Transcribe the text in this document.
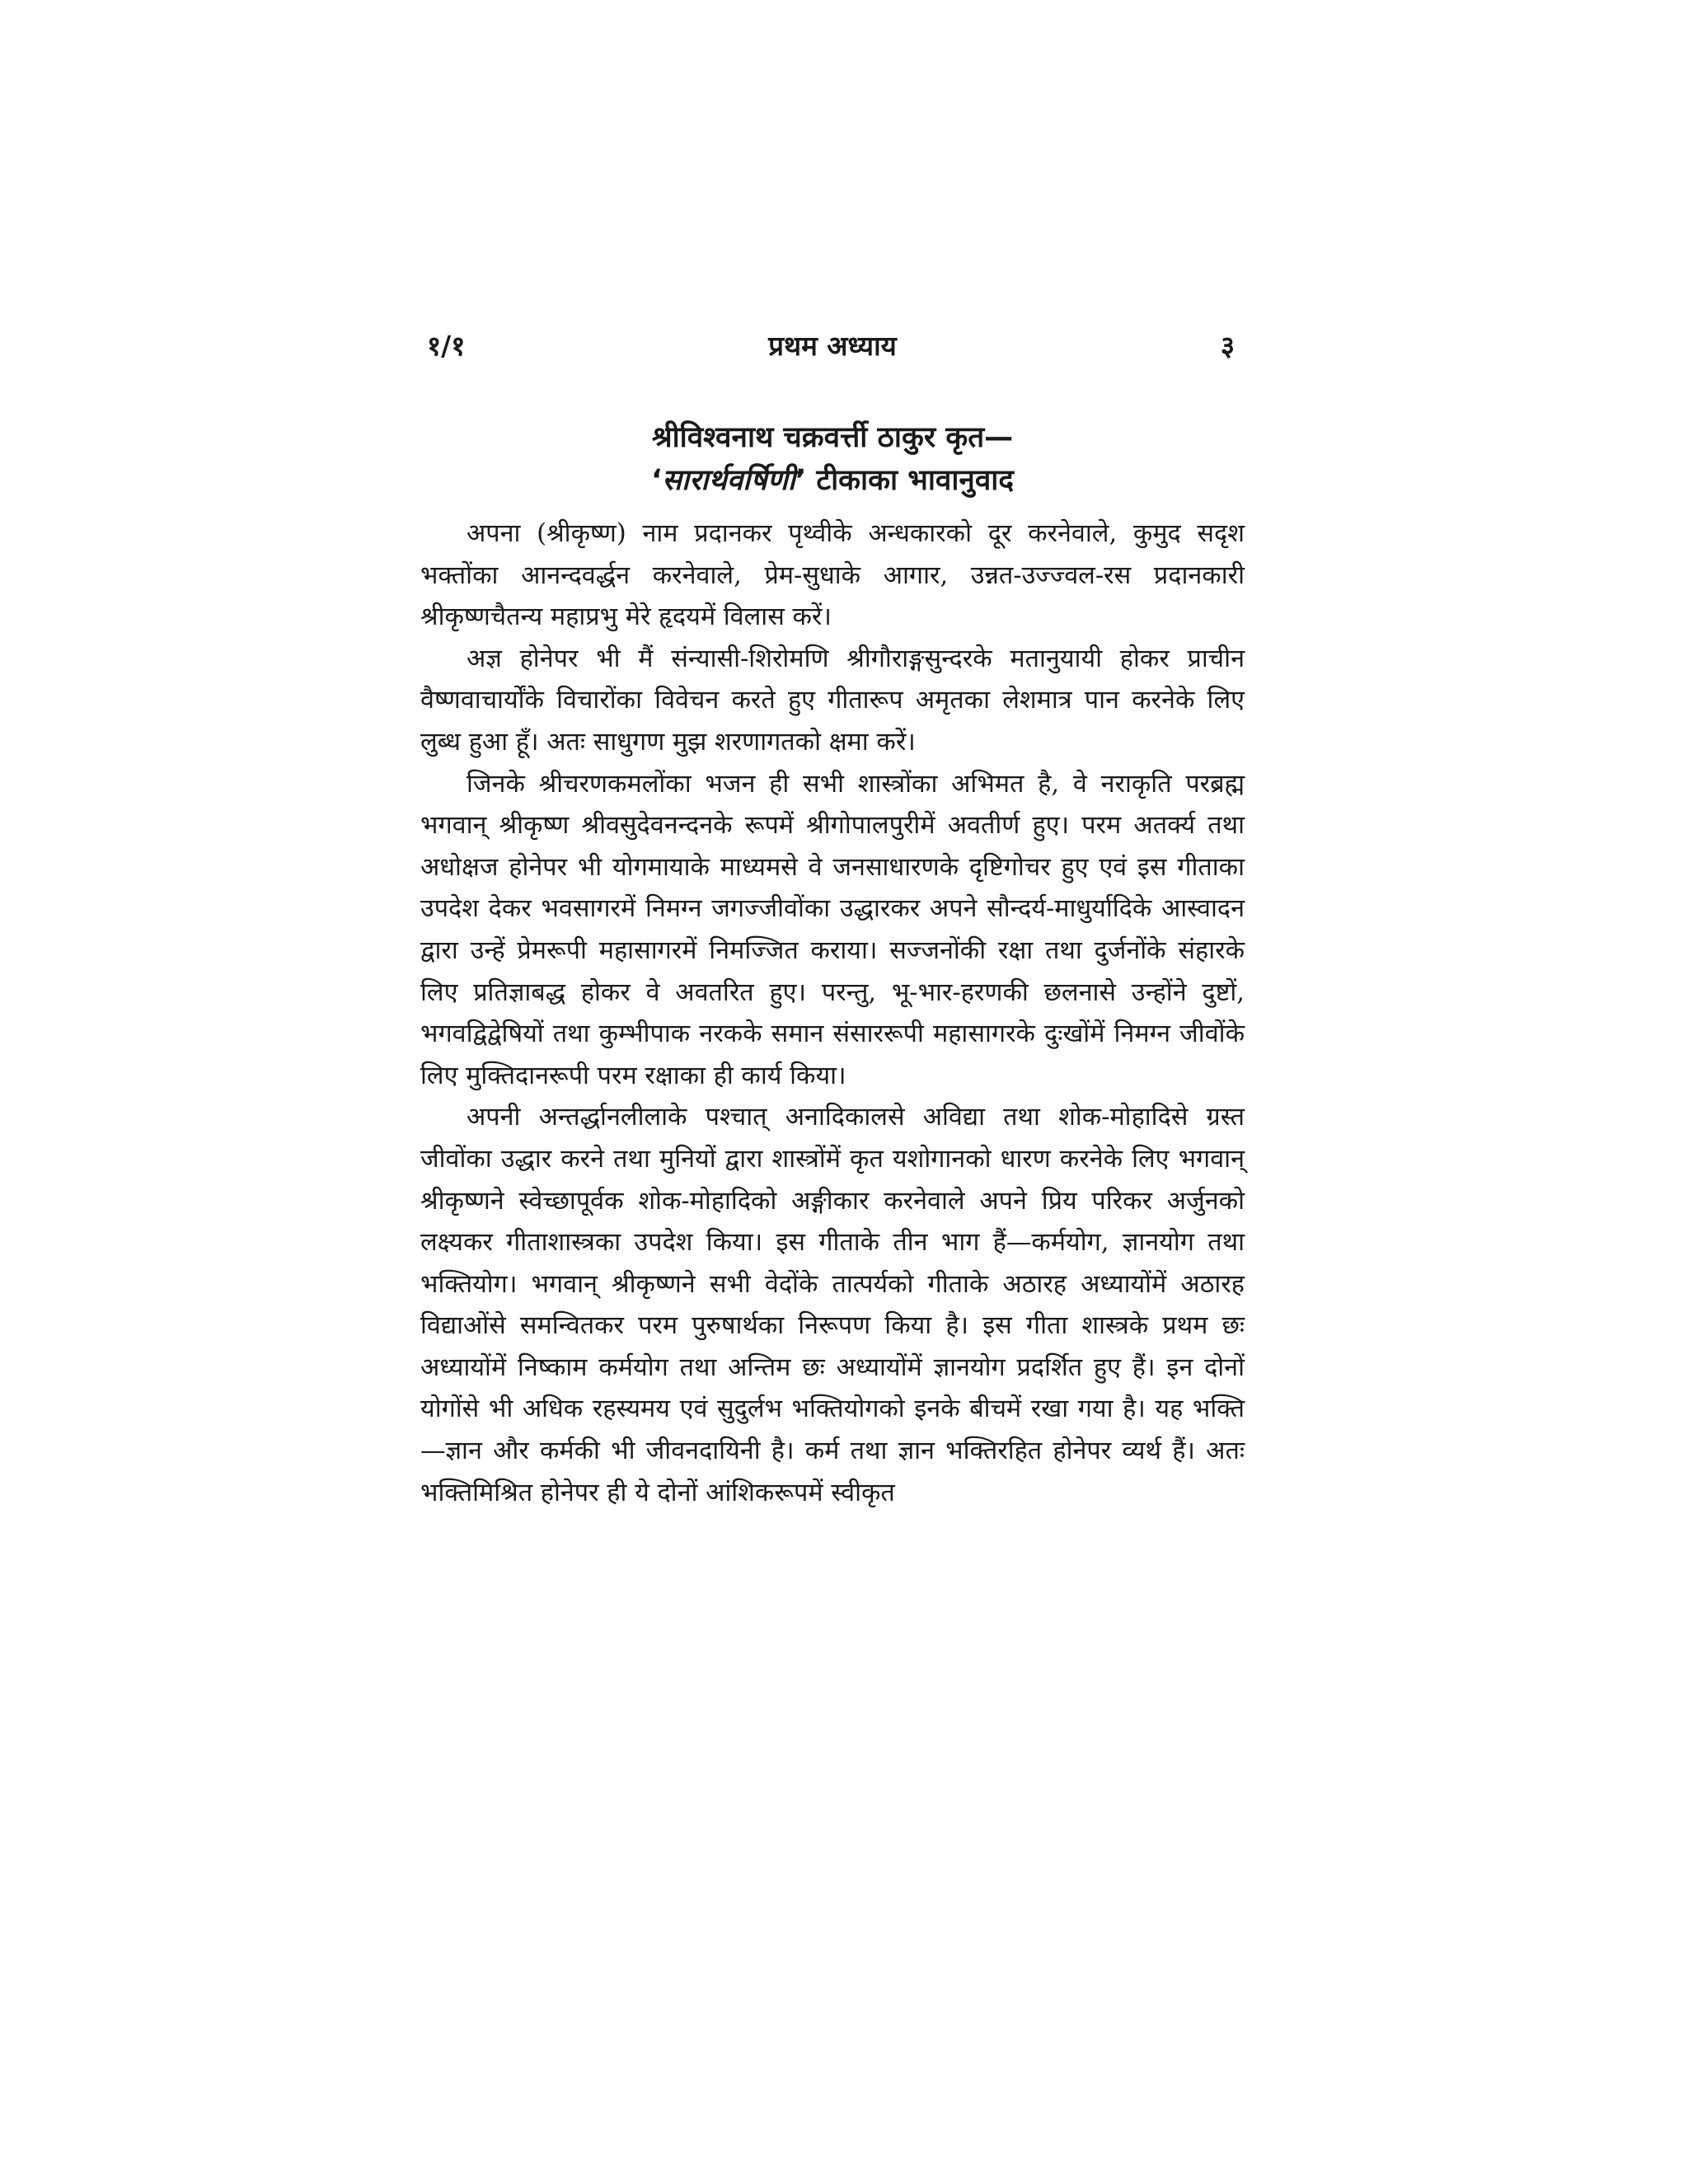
१/१	प्रथम अध्याय	३
श्रीविश्वनाथ चक्रवर्त्ती ठाकुर कृत—
‘सारार्थवर्षिणी’ टीकाका भावानुवाद

अपना (श्रीकृष्ण) नाम प्रदानकर पृथ्वीके अन्धकारको दूर करनेवाले, कुमुद सदृश भक्तोंका आनन्दवर्द्धन करनेवाले, प्रेम-सुधाके आगार, उन्नत-उज्ज्वल-रस प्रदानकारी श्रीकृष्णचैतन्य महाप्रभु मेरे हृदयमें विलास करें।

अज्ञ होनेपर भी मैं संन्यासी-शिरोमणि श्रीगौराङ्गसुन्दरके मतानुयायी होकर प्राचीन वैष्णवाचार्योंके विचारोंका विवेचन करते हुए गीतारूप अमृतका लेशमात्र पान करनेके लिए लुब्ध हुआ हूँ। अतः साधुगण मुझ शरणागतको क्षमा करें।

जिनके श्रीचरणकमलोंका भजन ही सभी शास्त्रोंका अभिमत है, वे नराकृति परब्रह्म भगवान् श्रीकृष्ण श्रीवसुदेवनन्दनके रूपमें श्रीगोपालपुरीमें अवतीर्ण हुए। परम अतर्क्य तथा अधोक्षज होनेपर भी योगमायाके माध्यमसे वे जनसाधारणके दृष्टिगोचर हुए एवं इस गीताका उपदेश देकर भवसागरमें निमग्न जगज्जीवोंका उद्धारकर अपने सौन्दर्य-माधुर्यादिके आस्वादन द्वारा उन्हें प्रेमरूपी महासागरमें निमज्जित कराया। सज्जनोंकी रक्षा तथा दुर्जनोंके संहारके लिए प्रतिज्ञाबद्ध होकर वे अवतरित हुए। परन्तु, भू-भार-हरणकी छलनासे उन्होंने दुष्टों, भगवद्विद्वेषियों तथा कुम्भीपाक नरकके समान संसाररूपी महासागरके दुःखोंमें निमग्न जीवोंके लिए मुक्तिदानरूपी परम रक्षाका ही कार्य किया।

अपनी अन्तर्द्धानलीलाके पश्चात् अनादिकालसे अविद्या तथा शोक-मोहादिसे ग्रस्त जीवोंका उद्धार करने तथा मुनियों द्वारा शास्त्रोंमें कृत यशोगानको धारण करनेके लिए भगवान् श्रीकृष्णने स्वेच्छापूर्वक शोक-मोहादिको अङ्गीकार करनेवाले अपने प्रिय परिकर अर्जुनको लक्ष्यकर गीताशास्त्रका उपदेश किया। इस गीताके तीन भाग हैं—कर्मयोग, ज्ञानयोग तथा भक्तियोग। भगवान् श्रीकृष्णने सभी वेदोंके तात्पर्यको गीताके अठारह अध्यायोंमें अठारह विद्याओंसे समन्वितकर परम पुरुषार्थका निरूपण किया है। इस गीता शास्त्रके प्रथम छः अध्यायोंमें निष्काम कर्मयोग तथा अन्तिम छः अध्यायोंमें ज्ञानयोग प्रदर्शित हुए हैं। इन दोनों योगोंसे भी अधिक रहस्यमय एवं सुदुर्लभ भक्तियोगको इनके बीचमें रखा गया है। यह भक्ति—ज्ञान और कर्मकी भी जीवनदायिनी है। कर्म तथा ज्ञान भक्तिरहित होनेपर व्यर्थ हैं। अतः भक्तिमिश्रित होनेपर ही ये दोनों आंशिकरूपमें स्वीकृत
